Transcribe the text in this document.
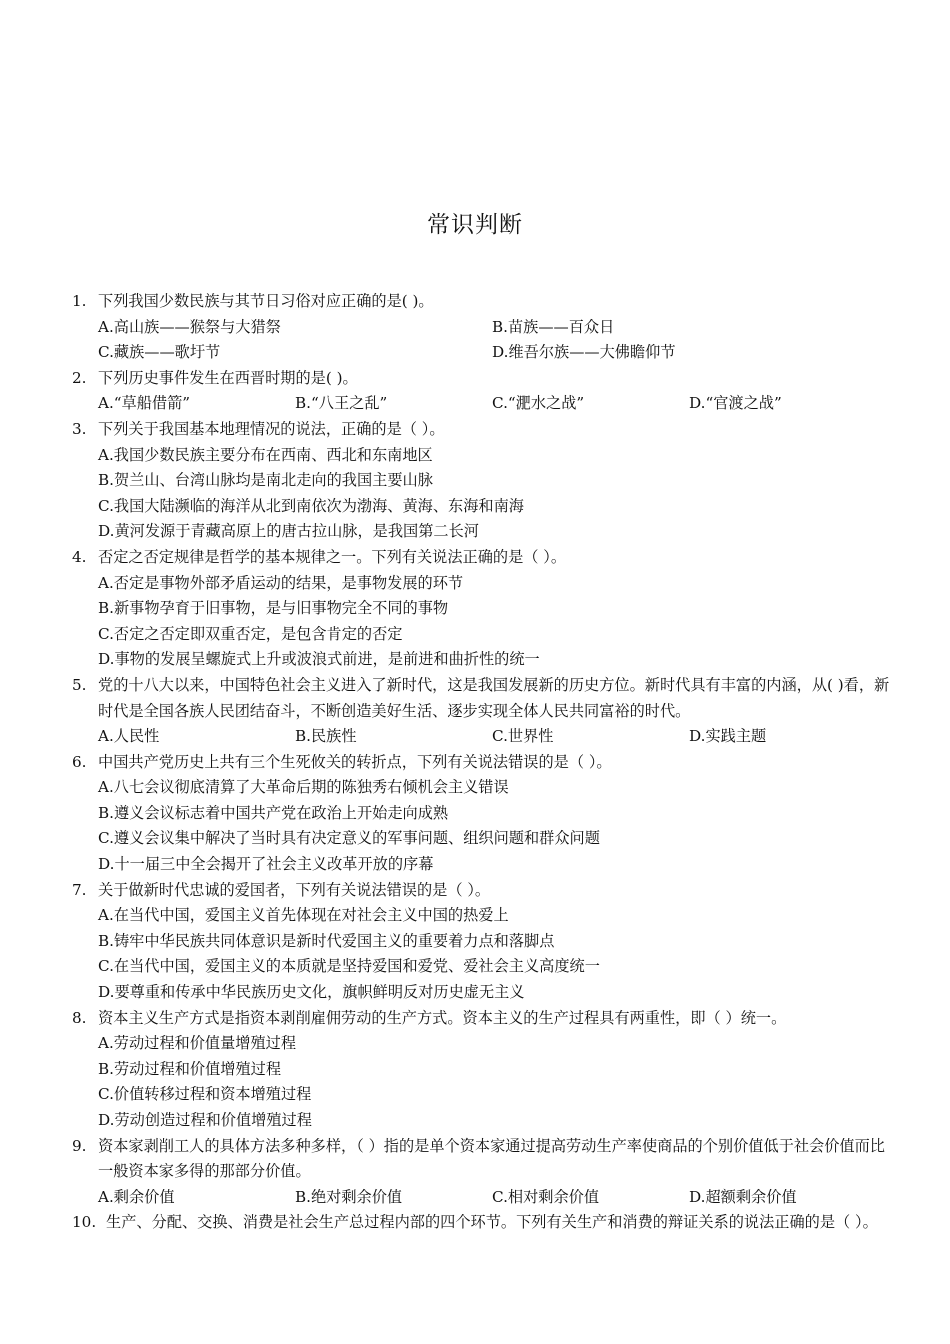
常识判断
1. 下列我国少数民族与其节日习俗对应正确的是( )。
A.高山族——猴祭与大猎祭	B.苗族——百众日
C.藏族——歌圩节	D.维吾尔族——大佛瞻仰节
2. 下列历史事件发生在西晋时期的是( )。
A.“草船借箭”	B.“八王之乱”	C.“淝水之战”	D.“官渡之战”
3. 下列关于我国基本地理情况的说法，正确的是（ ）。
A.我国少数民族主要分布在西南、西北和东南地区
B.贺兰山、台湾山脉均是南北走向的我国主要山脉
C.我国大陆濒临的海洋从北到南依次为渤海、黄海、东海和南海
D.黄河发源于青藏高原上的唐古拉山脉，是我国第二长河
4. 否定之否定规律是哲学的基本规律之一。下列有关说法正确的是（ ）。
A.否定是事物外部矛盾运动的结果，是事物发展的环节
B.新事物孕育于旧事物，是与旧事物完全不同的事物
C.否定之否定即双重否定，是包含肯定的否定
D.事物的发展呈螺旋式上升或波浪式前进，是前进和曲折性的统一
5. 党的十八大以来，中国特色社会主义进入了新时代，这是我国发展新的历史方位。新时代具有丰富的内涵，从( )看，新时代是全国各族人民团结奋斗，不断创造美好生活、逐步实现全体人民共同富裕的时代。
A.人民性	B.民族性	C.世界性	D.实践主题
6. 中国共产党历史上共有三个生死攸关的转折点，下列有关说法错误的是（ ）。
A.八七会议彻底清算了大革命后期的陈独秀右倾机会主义错误
B.遵义会议标志着中国共产党在政治上开始走向成熟
C.遵义会议集中解决了当时具有决定意义的军事问题、组织问题和群众问题
D.十一届三中全会揭开了社会主义改革开放的序幕
7. 关于做新时代忠诚的爱国者，下列有关说法错误的是（ ）。
A.在当代中国，爱国主义首先体现在对社会主义中国的热爱上
B.铸牢中华民族共同体意识是新时代爱国主义的重要着力点和落脚点
C.在当代中国，爱国主义的本质就是坚持爱国和爱党、爱社会主义高度统一
D.要尊重和传承中华民族历史文化，旗帜鲜明反对历史虚无主义
8. 资本主义生产方式是指资本剥削雇佣劳动的生产方式。资本主义的生产过程具有两重性，即（ ）统一。
A.劳动过程和价值量增殖过程
B.劳动过程和价值增殖过程
C.价值转移过程和资本增殖过程
D.劳动创造过程和价值增殖过程
9. 资本家剥削工人的具体方法多种多样，（ ）指的是单个资本家通过提高劳动生产率使商品的个别价值低于社会价值而比一般资本家多得的那部分价值。
A.剩余价值	B.绝对剩余价值	C.相对剩余价值	D.超额剩余价值
10. 生产、分配、交换、消费是社会生产总过程内部的四个环节。下列有关生产和消费的辩证关系的说法正确的是（ ）。
